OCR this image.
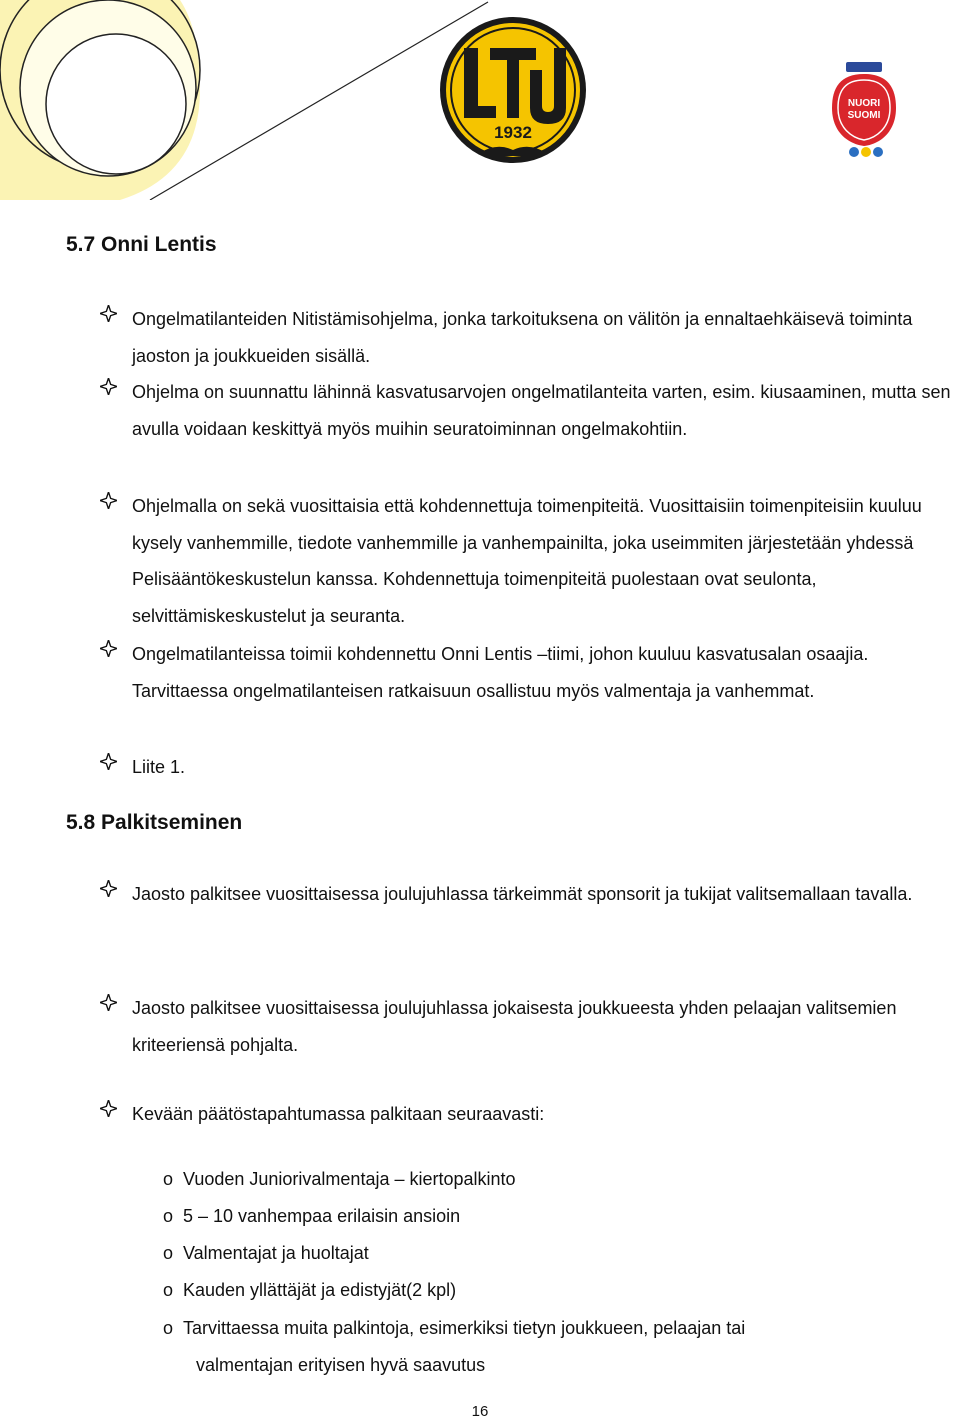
1932
NUORI
SUOMI
5.7 Onni Lentis
Ongelmatilanteiden Nitistämisohjelma, jonka tarkoituksena on välitön ja ennaltaehkäisevä toiminta jaoston ja joukkueiden sisällä.
Ohjelma on suunnattu lähinnä kasvatusarvojen ongelmatilanteita varten, esim. kiusaaminen, mutta sen avulla voidaan keskittyä myös muihin seuratoiminnan ongelmakohtiin.
Ohjelmalla on sekä vuosittaisia että kohdennettuja toimenpiteitä. Vuosittaisiin toimenpiteisiin kuuluu kysely vanhemmille, tiedote vanhemmille ja vanhempainilta, joka useimmiten järjestetään yhdessä Pelisääntökeskustelun kanssa. Kohdennettuja toimenpiteitä puolestaan ovat seulonta, selvittämiskeskustelut ja seuranta.
Ongelmatilanteissa toimii kohdennettu Onni Lentis –tiimi, johon kuuluu kasvatusalan osaajia. Tarvittaessa ongelmatilanteisen ratkaisuun osallistuu myös valmentaja ja vanhemmat.
Liite 1.
5.8 Palkitseminen
Jaosto palkitsee vuosittaisessa joulujuhlassa tärkeimmät sponsorit ja tukijat valitsemallaan tavalla.
Jaosto palkitsee vuosittaisessa joulujuhlassa jokaisesta joukkueesta yhden pelaajan valitsemien kriteeriensä pohjalta.
Kevään päätöstapahtumassa palkitaan seuraavasti:
o Vuoden Juniorivalmentaja – kiertopalkinto
o 5 – 10 vanhempaa erilaisin ansioin
o Valmentajat ja huoltajat
o Kauden yllättäjät ja edistyjät(2 kpl)
o Tarvittaessa muita palkintoja, esimerkiksi tietyn joukkueen, pelaajan tai
valmentajan erityisen hyvä saavutus
16
